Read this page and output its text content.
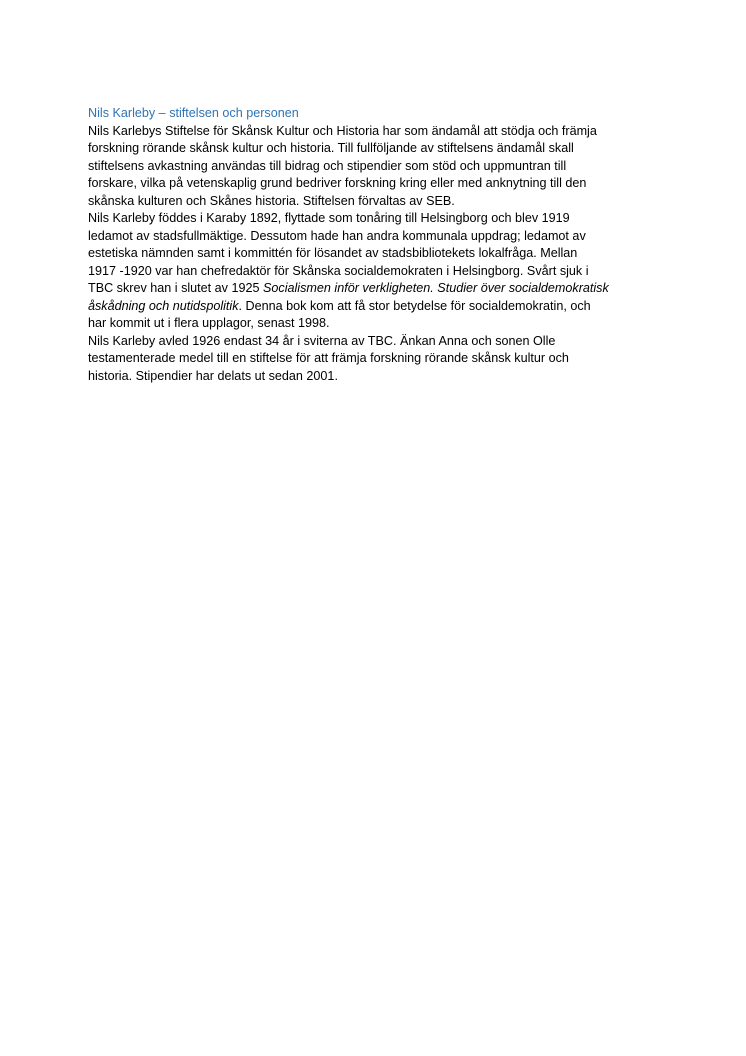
Nils Karleby – stiftelsen och personen

Nils Karlebys Stiftelse för Skånsk Kultur och Historia har som ändamål att stödja och främja
forskning rörande skånsk kultur och historia. Till fullföljande av stiftelsens ändamål skall
stiftelsens avkastning användas till bidrag och stipendier som stöd och uppmuntran till
forskare, vilka på vetenskaplig grund bedriver forskning kring eller med anknytning till den
skånska kulturen och Skånes historia. Stiftelsen förvaltas av SEB.

Nils Karleby föddes i Karaby 1892, flyttade som tonåring till Helsingborg och blev 1919
ledamot av stadsfullmäktige. Dessutom hade han andra kommunala uppdrag; ledamot av
estetiska nämnden samt i kommittén för lösandet av stadsbibliotekets lokalfråga. Mellan
1917 -1920 var han chefredaktör för Skånska socialdemokraten i Helsingborg. Svårt sjuk i
TBC skrev han i slutet av 1925 Socialismen inför verkligheten. Studier över socialdemokratisk
åskådning och nutidspolitik. Denna bok kom att få stor betydelse för socialdemokratin, och
har kommit ut i flera upplagor, senast 1998.

Nils Karleby avled 1926 endast 34 år i sviterna av TBC. Änkan Anna och sonen Olle
testamenterade medel till en stiftelse för att främja forskning rörande skånsk kultur och
historia. Stipendier har delats ut sedan 2001.
